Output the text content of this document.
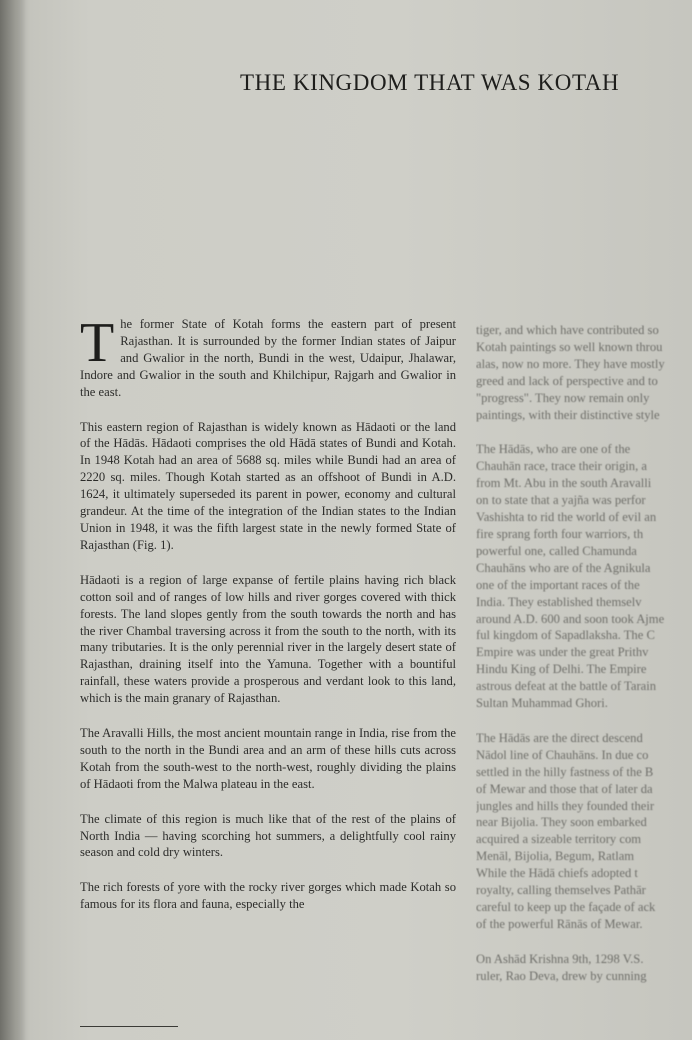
THE KINGDOM THAT WAS KOTAH

The former State of Kotah forms the eastern part of present Rajasthan. It is surrounded by the former Indian states of Jaipur and Gwalior in the north, Bundi in the west, Udaipur, Jhalawar, Indore and Gwalior in the south and Khilchipur, Rajgarh and Gwalior in the east.

This eastern region of Rajasthan is widely known as Hādaoti or the land of the Hādās. Hādaoti comprises the old Hādā states of Bundi and Kotah. In 1948 Kotah had an area of 5688 sq. miles while Bundi had an area of 2220 sq. miles. Though Kotah started as an offshoot of Bundi in A.D. 1624, it ultimately superseded its parent in power, economy and cultural grandeur. At the time of the integration of the Indian states to the Indian Union in 1948, it was the fifth largest state in the newly formed State of Rajasthan (Fig. 1).

Hādaoti is a region of large expanse of fertile plains having rich black cotton soil and of ranges of low hills and river gorges covered with thick forests. The land slopes gently from the south towards the north and has the river Chambal traversing across it from the south to the north, with its many tributaries. It is the only perennial river in the largely desert state of Rajasthan, draining itself into the Yamuna. Together with a bountiful rainfall, these waters provide a prosperous and verdant look to this land, which is the main granary of Rajasthan.

The Aravalli Hills, the most ancient mountain range in India, rise from the south to the north in the Bundi area and an arm of these hills cuts across Kotah from the south-west to the north-west, roughly dividing the plains of Hādaoti from the Malwa plateau in the east.

The climate of this region is much like that of the rest of the plains of North India — having scorching hot summers, a delightfully cool rainy season and cold dry winters.

The rich forests of yore with the rocky river gorges which made Kotah so famous for its flora and fauna, especially the

tiger, and which have contributed so
Kotah paintings so well known throu
alas, now no more. They have mostly
greed and lack of perspective and to
"progress". They now remain only
paintings, with their distinctive style

The Hādās, who are one of the
Chauhān race, trace their origin, a
from Mt. Abu in the south Aravalli
on to state that a yajña was perfor
Vashishta to rid the world of evil an
fire sprang forth four warriors, th
powerful one, called Chamunda
Chauhāns who are of the Agnikula
one of the important races of the
India. They established themselv
around A.D. 600 and soon took Ajme
ful kingdom of Sapadlaksha. The C
Empire was under the great Prithv
Hindu King of Delhi. The Empire
astrous defeat at the battle of Tarain
Sultan Muhammad Ghori.

The Hādās are the direct descend
Nādol line of Chauhāns. In due co
settled in the hilly fastness of the B
of Mewar and those that of later da
jungles and hills they founded their
near Bijolia. They soon embarked
acquired a sizeable territory com
Menāl, Bijolia, Begum, Ratlam
While the Hādā chiefs adopted t
royalty, calling themselves Pathār
careful to keep up the façade of ack
of the powerful Rānās of Mewar.

On Ashād Krishna 9th, 1298 V.S.
ruler, Rao Deva, drew by cunning
